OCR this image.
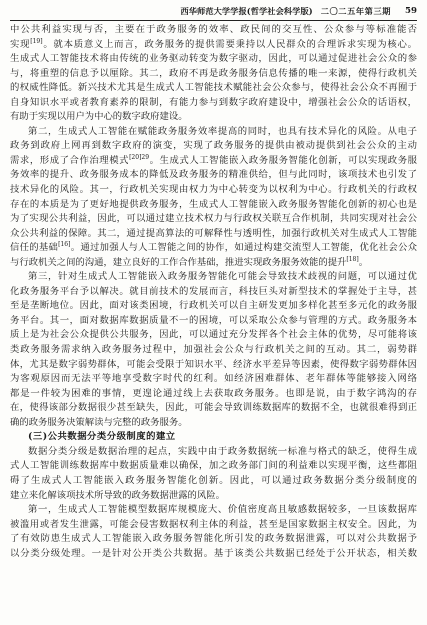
西华师范大学学报(哲学社会科学版) 二〇二五年第三期 59
中公共利益实现与否，主要在于政务服务的效率、政民间的交互性、公众参与等标准能否
实现[19]。就本质意义上而言，政务服务的提供需要秉持以人民群众的合理诉求实现为核心。
生成式人工智能技术将由传统的业务驱动转变为数字驱动，因此，可以通过促进社会公众的参
与，将重塑的信息予以厘除。其二，政府不再是政务服务信息传播的唯一来源，使得行政机关
的权威性降低。新兴技术尤其是生成式人工智能技术赋能社会公众参与，使得社会公众不再囿于
自身知识水平或者教育素养的限制，有能力参与到数字政府建设中，增强社会公众的话语权，
有助于实现以用户为中心的数字政府建设。
第二，生成式人工智能在赋能政务服务效率提高的同时，也具有技术异化的风险。从电子
政务到政府上网再到数字政府的演变，实现了政务服务的提供由被动提供到社会公众的主动
需求，形成了合作治理模式$^{[20]29}$。生成式人工智能嵌入政务服务智能化创新，可以实现政务服
务效率的提升、政务服务成本的降低及政务服务的精准供给，但与此同时，该项技术也引发了
技术异化的风险。其一，行政机关实现由权力为中心转变为以权利为中心。行政机关的行政权
存在的本质是为了更好地提供政务服务，生成式人工智能嵌入政务服务智能化创新的初心也是
为了实现公共利益，因此，可以通过建立技术权力与行政权关联互合作机制，共同实现对社会公
众公共利益的保障。其二，通过提高算法的可解释性与透明性，加强行政机关对生成式人工智能
信任的基础[16]。通过加强人与人工智能之间的协作，如通过构建交流型人工智能，优化社会公众
与行政机关之间的沟通，建立良好的工作合作基础，推进实现政务服务效能的提升[18]。
第三，针对生成式人工智能嵌入政务服务智能化可能会导致技术歧视的问题，可以通过优
化政务服务平台予以解决。就目前技术的发展而言，科技巨头对新型技术的掌握处于主导，甚
至是垄断地位。因此，面对该类困境，行政机关可以自主研发更加多样化甚至多元化的政务服
务平台。其一，面对数据库数据质量不一的困境，可以采取公众参与管理的方式。政务服务本
质上是为社会公众提供公共服务，因此，可以通过充分发挥各个社会主体的优势，尽可能将该
类政务服务需求纳入政务服务过程中，加强社会公众与行政机关之间的互动。其二，弱势群
体，尤其是数字弱势群体，可能会受限于知识水平、经济水平差异等因素，使得数字弱势群体因
为客观原因而无法平等地享受数字时代的红利。如经济困难群体、老年群体等能够接入网络
都是一件较为困难的事情，更遑论通过线上去获取政务服务。也即是说，由于数字鸿沟的存
在，使得该部分数据很少甚至缺失，因此，可能会导致训练数据库的数据不全，也就很难得到正
确的政务服务决策解读与完整的政务服务。
(三)公共数据分类分级制度的建立
数据分类分级是数据治理的起点，实践中由于政务数据统一标准与格式的缺乏，使得生成
式人工智能训练数据库中数据质量难以确保，加之政务部门间的利益难以实现平衡，这些都阻
碍了生成式人工智能嵌入政务服务智能化创新。因此，可以通过政务数据分类分级制度的
建立来化解该项技术所导致的政务数据泄露的风险。
第一，生成式人工智能模型数据库规模庞大、价值密度高且敏感数据较多，一旦该数据库
被滥用或者发生泄露，可能会侵害数据权利主体的利益，甚至是国家数据主权安全。因此，为
了有效防患生成式人工智能嵌入政务服务智能化所引发的政务数据泄露，可以对公共数据予
以分类分级处理。一是针对公开类公共数据。基于该类公共数据已经处于公开状态，相关数
